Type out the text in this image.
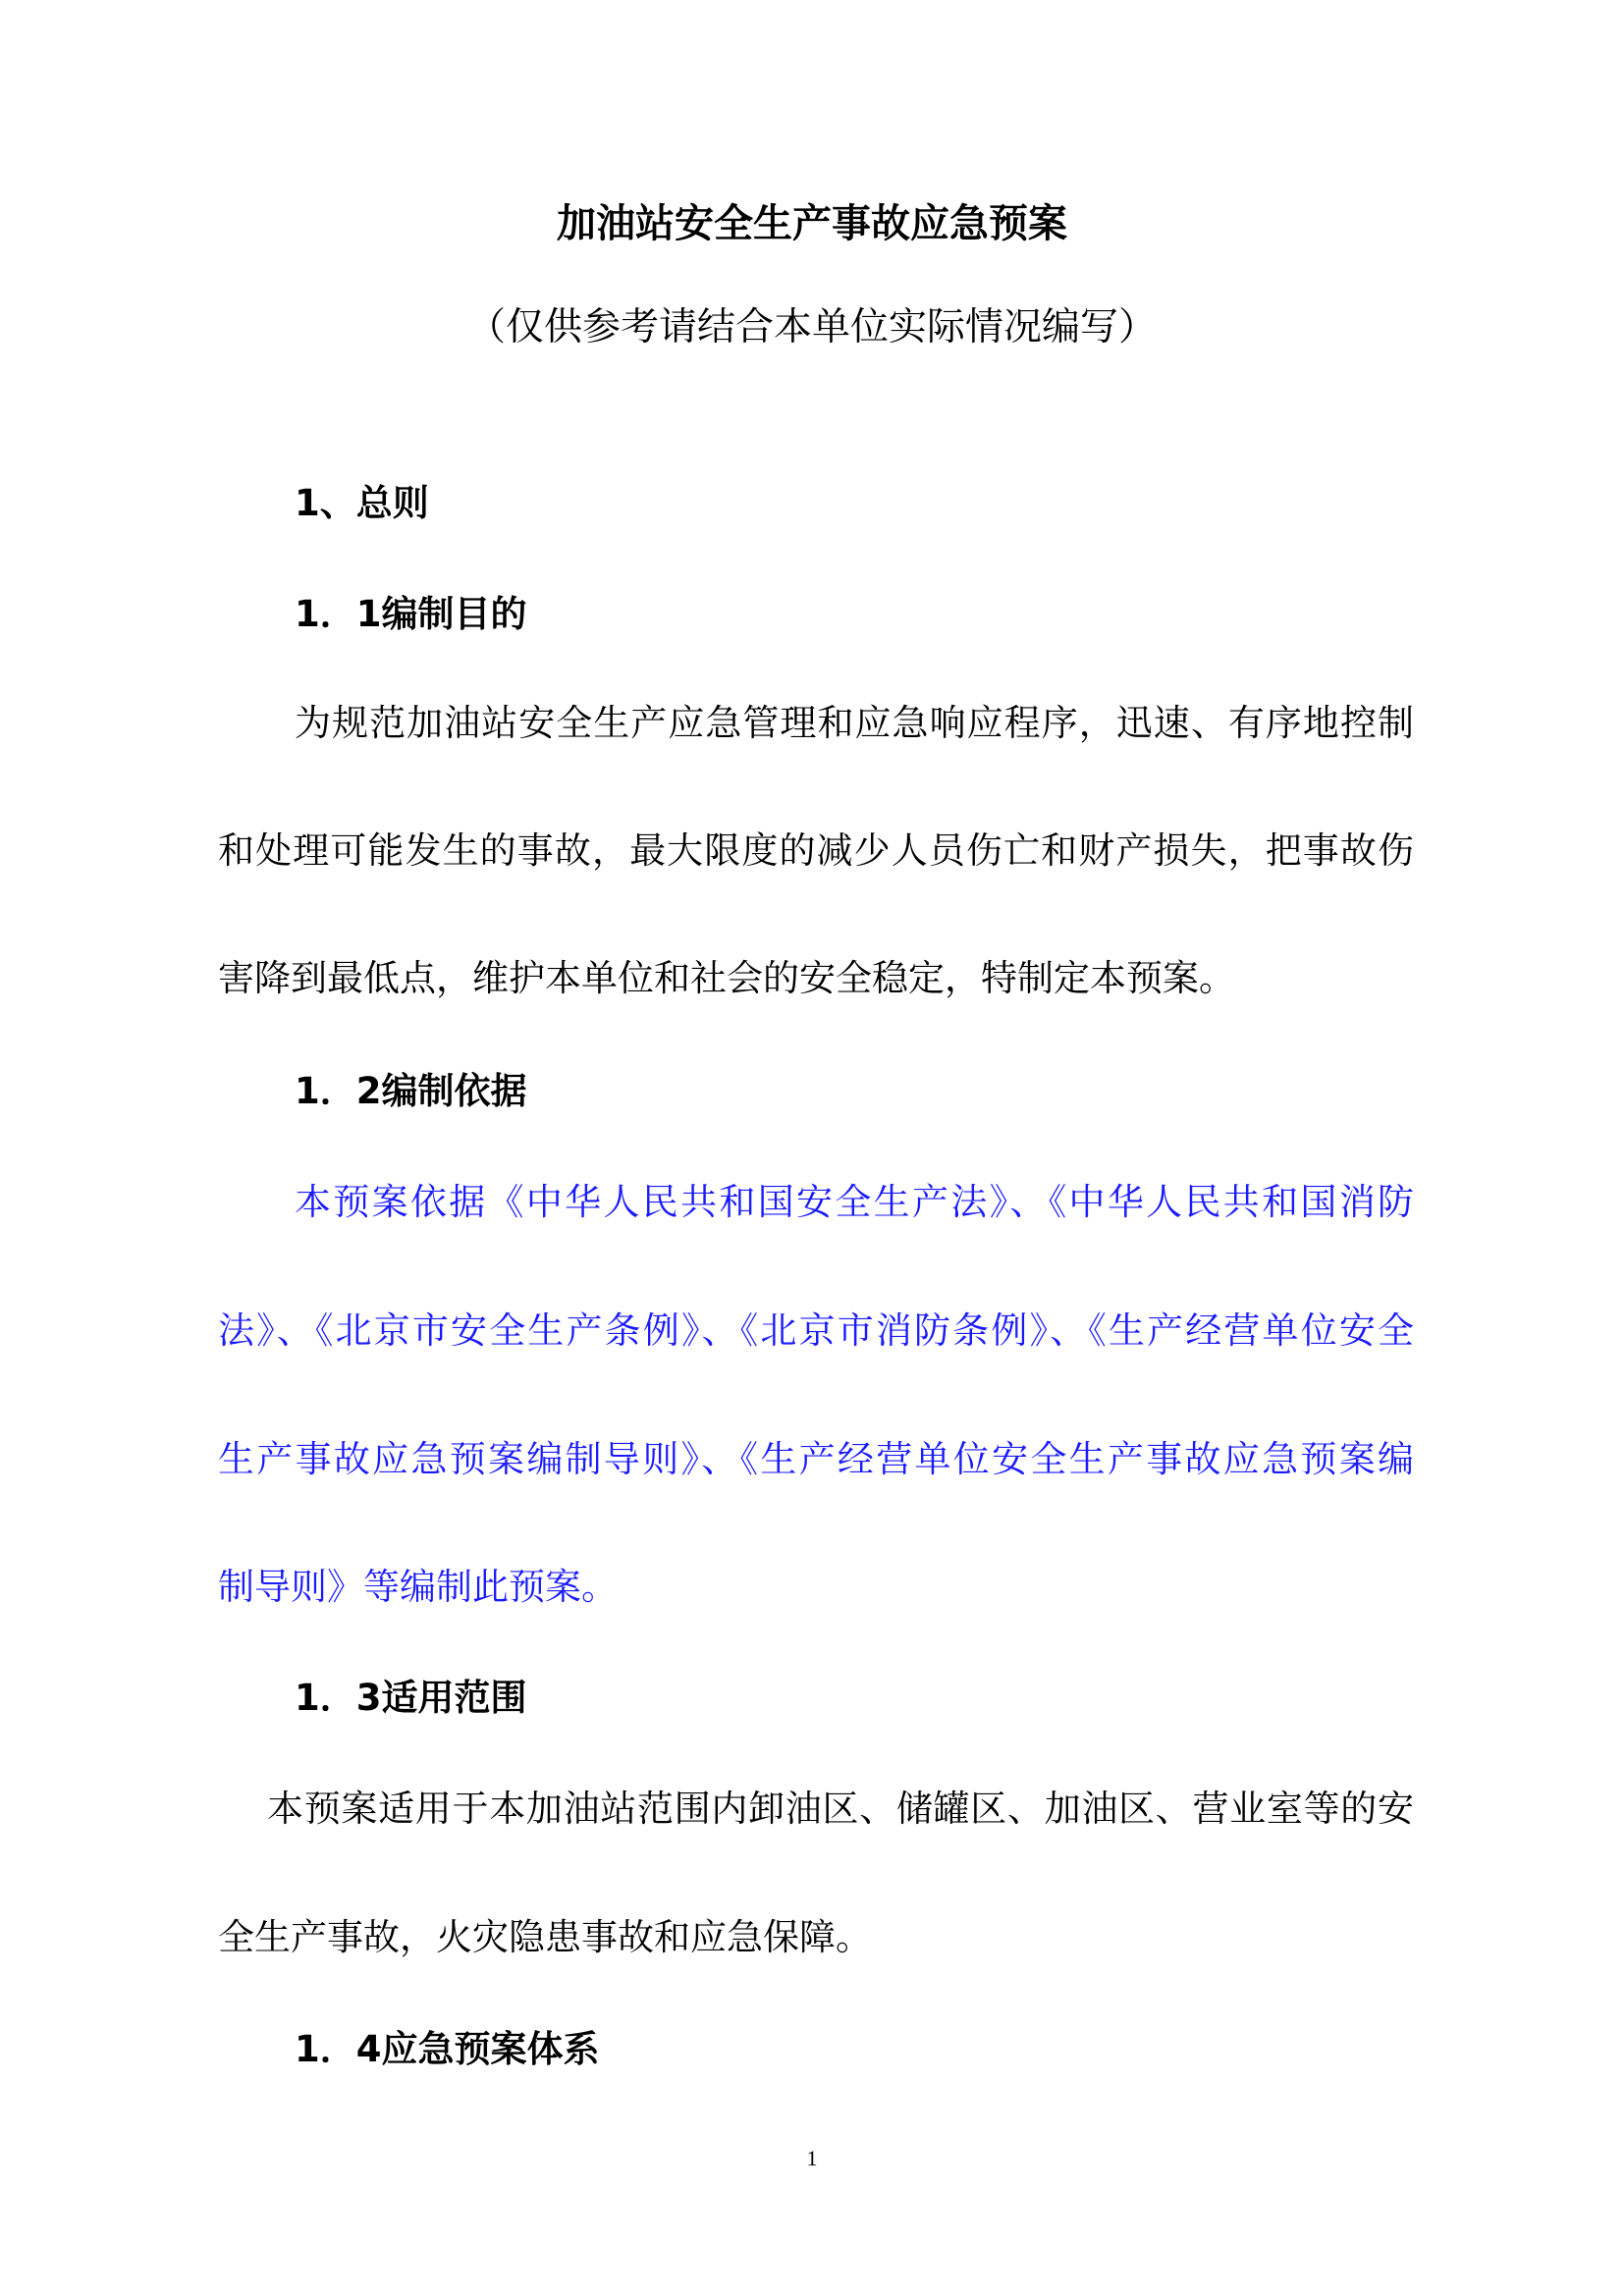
加油站安全生产事故应急预案
（仅供参考请结合本单位实际情况编写）
1、总则
1．1编制目的
为规范加油站安全生产应急管理和应急响应程序，迅速、有序地控制
和处理可能发生的事故，最大限度的减少人员伤亡和财产损失，把事故伤
害降到最低点，维护本单位和社会的安全稳定，特制定本预案。
1．2编制依据
本预案依据《中华人民共和国安全生产法》、《中华人民共和国消防
法》、《北京市安全生产条例》、《北京市消防条例》、《生产经营单位安全
生产事故应急预案编制导则》、《生产经营单位安全生产事故应急预案编
制导则》等编制此预案。
1．3适用范围
本预案适用于本加油站范围内卸油区、储罐区、加油区、营业室等的安
全生产事故，火灾隐患事故和应急保障。
1．4应急预案体系
1
